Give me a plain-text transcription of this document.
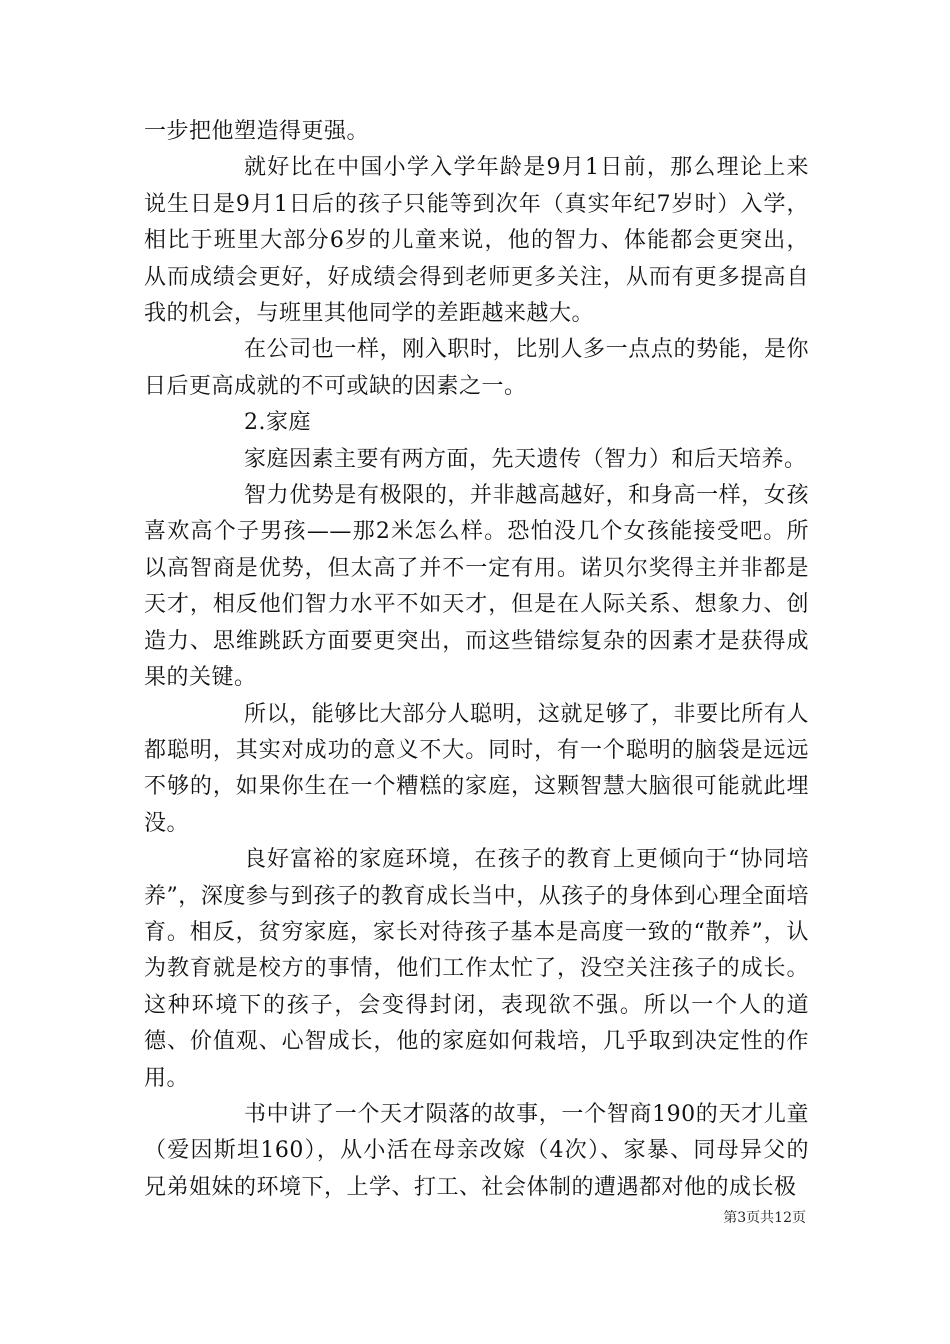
一步把他塑造得更强。

就好比在中国小学入学年龄是9月1日前，那么理论上来说生日是9月1日后的孩子只能等到次年（真实年纪7岁时）入学，相比于班里大部分6岁的儿童来说，他的智力、体能都会更突出，从而成绩会更好，好成绩会得到老师更多关注，从而有更多提高自我的机会，与班里其他同学的差距越来越大。

在公司也一样，刚入职时，比别人多一点点的势能，是你日后更高成就的不可或缺的因素之一。

2.家庭

家庭因素主要有两方面，先天遗传（智力）和后天培养。

智力优势是有极限的，并非越高越好，和身高一样，女孩喜欢高个子男孩——那2米怎么样。恐怕没几个女孩能接受吧。所以高智商是优势，但太高了并不一定有用。诺贝尔奖得主并非都是天才，相反他们智力水平不如天才，但是在人际关系、想象力、创造力、思维跳跃方面要更突出，而这些错综复杂的因素才是获得成果的关键。

所以，能够比大部分人聪明，这就足够了，非要比所有人都聪明，其实对成功的意义不大。同时，有一个聪明的脑袋是远远不够的，如果你生在一个糟糕的家庭，这颗智慧大脑很可能就此埋没。

良好富裕的家庭环境，在孩子的教育上更倾向于“协同培养”，深度参与到孩子的教育成长当中，从孩子的身体到心理全面培育。相反，贫穷家庭，家长对待孩子基本是高度一致的“散养”，认为教育就是校方的事情，他们工作太忙了，没空关注孩子的成长。这种环境下的孩子，会变得封闭，表现欲不强。所以一个人的道德、价值观、心智成长，他的家庭如何栽培，几乎取到决定性的作用。

书中讲了一个天才陨落的故事，一个智商190的天才儿童（爱因斯坦160），从小活在母亲改嫁（4次）、家暴、同母异父的兄弟姐妹的环境下，上学、打工、社会体制的遭遇都对他的成长极

第3页共12页
